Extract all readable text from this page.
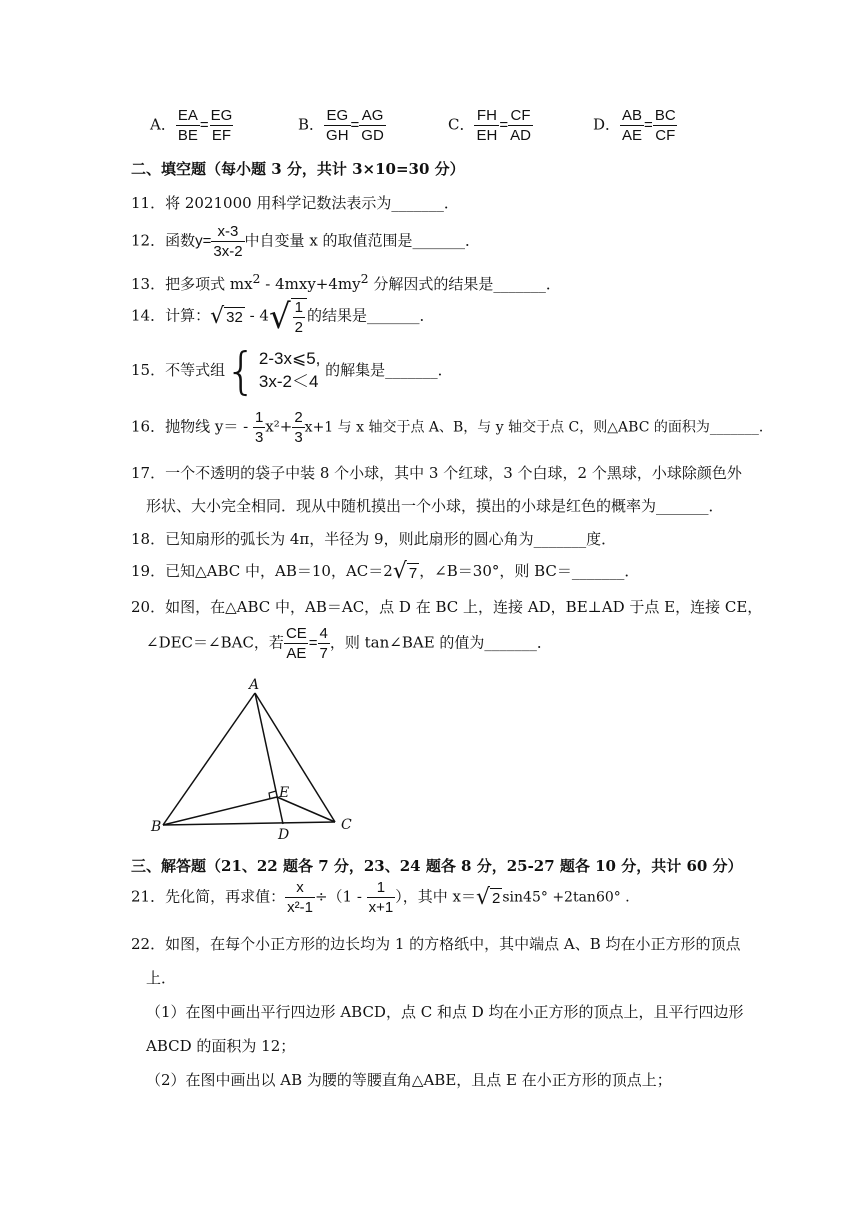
A． $\frac{EA}{BE} = \frac{EG}{EF}$	B． $\frac{EG}{GH} = \frac{AG}{GD}$	C． $\frac{FH}{EH} = \frac{CF}{AD}$	D． $\frac{AB}{AE} = \frac{BC}{CF}$
二、填空题（每小题 3 分，共计 3×10=30 分）
11．将 2021000 用科学记数法表示为_______．
12．函数$y= \frac{x-3}{3x-2}$ 中自变量 x 的取值范围是_______．
13．把多项式 $mx^2 - 4mxy+4my^2$ 分解因式的结果是_______．
14．计算： √ 32 - 4 √ $\frac{1}{2}$ 的结果是_______．
15．不等式组 { 2-3x⩽5,
3x-2＜4
的解集是_______．
16．抛物线 $y= - \frac{1}{3} x^2+ \frac{2}{3} x+1$ 与 x 轴交于点 A、B，与 y 轴交于点 C，则△ABC 的面积为_______．
17．一个不透明的袋子中装 8 个小球，其中 3 个红球，3 个白球，2 个黑球，小球除颜色外
形状、大小完全相同．现从中随机摸出一个小球，摸出的小球是红色的概率为_______．
18．已知扇形的弧长为 4π，半径为 9，则此扇形的圆心角为_______度．
19．已知△ABC 中，AB＝10，AC＝2 √ 7 ，∠B＝30°，则 BC＝_______．
20．如图，在△ABC 中，AB＝AC，点 D 在 BC 上，连接 AD，BE⊥AD 于点 E，连接 CE，
∠DEC＝∠BAC，若 $\frac{CE}{AE} = \frac{4}{7}$ ，则 tan∠BAE 的值为_______．
A
B	C
D
E
三、解答题（21、22 题各 7 分，23、24 题各 8 分，25-27 题各 10 分，共计 60 分）
21．先化简，再求值： $\frac{x}{\text{x²-1}} \div(1 - \frac{1}{x+1}$ ），其中 x＝ √ 2 sin45° +2tan60° ．
22．如图，在每个小正方形的边长均为 1 的方格纸中，其中端点 A、B 均在小正方形的顶点
上．
（1）在图中画出平行四边形 ABCD，点 C 和点 D 均在小正方形的顶点上，且平行四边形
ABCD 的面积为 12；
（2）在图中画出以 AB 为腰的等腰直角△ABE，且点 E 在小正方形的顶点上；
